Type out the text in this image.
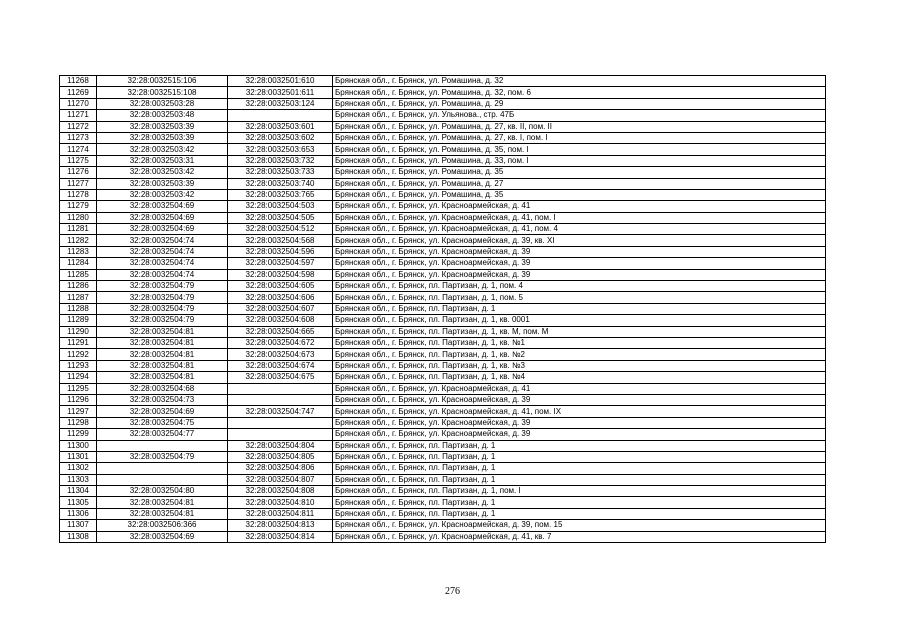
11268	32:28:0032515:106	32:28:0032501:610	Брянская обл., г. Брянск, ул. Ромашина, д. 32
11269	32:28:0032515:108	32:28:0032501:611	Брянская обл., г. Брянск, ул. Ромашина, д. 32, пом. 6
11270	32:28:0032503:28	32:28:0032503:124	Брянская обл., г. Брянск, ул. Ромашина, д. 29
11271	32:28:0032503:48		Брянская обл., г. Брянск, ул. Ульянова., стр. 47Б
11272	32:28:0032503:39	32:28:0032503:601	Брянская обл., г. Брянск, ул. Ромашина, д. 27, кв. II, пом. II
11273	32:28:0032503:39	32:28:0032503:602	Брянская обл., г. Брянск, ул. Ромашина, д. 27, кв. I, пом. I
11274	32:28:0032503:42	32:28:0032503:653	Брянская обл., г. Брянск, ул. Ромашина, д. 35, пом. I
11275	32:28:0032503:31	32:28:0032503:732	Брянская обл., г. Брянск, ул. Ромашина, д. 33, пом. I
11276	32:28:0032503:42	32:28:0032503:733	Брянская обл., г. Брянск, ул. Ромашина, д. 35
11277	32:28:0032503:39	32:28:0032503:740	Брянская обл., г. Брянск, ул. Ромашина, д. 27
11278	32:28:0032503:42	32:28:0032503:765	Брянская обл., г. Брянск, ул. Ромашина, д. 35
11279	32:28:0032504:69	32:28:0032504:503	Брянская обл., г. Брянск, ул. Красноармейская, д. 41
11280	32:28:0032504:69	32:28:0032504:505	Брянская обл., г. Брянск, ул. Красноармейская, д. 41, пом. I
11281	32:28:0032504:69	32:28:0032504:512	Брянская обл., г. Брянск, ул. Красноармейская, д. 41, пом. 4
11282	32:28:0032504:74	32:28:0032504:568	Брянская обл., г. Брянск, ул. Красноармейская, д. 39, кв. XI
11283	32:28:0032504:74	32:28:0032504:596	Брянская обл., г. Брянск, ул. Красноармейская, д. 39
11284	32:28:0032504:74	32:28:0032504:597	Брянская обл., г. Брянск, ул. Красноармейская, д. 39
11285	32:28:0032504:74	32:28:0032504:598	Брянская обл., г. Брянск, ул. Красноармейская, д. 39
11286	32:28:0032504:79	32:28:0032504:605	Брянская обл., г. Брянск, пл. Партизан, д. 1, пом. 4
11287	32:28:0032504:79	32:28:0032504:606	Брянская обл., г. Брянск, пл. Партизан, д. 1, пом. 5
11288	32:28:0032504:79	32:28:0032504:607	Брянская обл., г. Брянск, пл. Партизан, д. 1
11289	32:28:0032504:79	32:28:0032504:608	Брянская обл., г. Брянск, пл. Партизан, д. 1, кв. 0001
11290	32:28:0032504:81	32:28:0032504:665	Брянская обл., г. Брянск, пл. Партизан, д. 1, кв. М, пом. М
11291	32:28:0032504:81	32:28:0032504:672	Брянская обл., г. Брянск, пл. Партизан, д. 1, кв. №1
11292	32:28:0032504:81	32:28:0032504:673	Брянская обл., г. Брянск, пл. Партизан, д. 1, кв. №2
11293	32:28:0032504:81	32:28:0032504:674	Брянская обл., г. Брянск, пл. Партизан, д. 1, кв. №3
11294	32:28:0032504:81	32:28:0032504:675	Брянская обл., г. Брянск, пл. Партизан, д. 1, кв. №4
11295	32:28:0032504:68		Брянская обл., г. Брянск, ул. Красноармейская, д. 41
11296	32:28:0032504:73		Брянская обл., г. Брянск, ул. Красноармейская, д. 39
11297	32:28:0032504:69	32:28:0032504:747	Брянская обл., г. Брянск, ул. Красноармейская, д. 41, пом. IX
11298	32:28:0032504:75		Брянская обл., г. Брянск, ул. Красноармейская, д. 39
11299	32:28:0032504:77		Брянская обл., г. Брянск, ул. Красноармейская, д. 39
11300		32:28:0032504:804	Брянская обл., г. Брянск, пл. Партизан, д. 1
11301	32:28:0032504:79	32:28:0032504:805	Брянская обл., г. Брянск, пл. Партизан, д. 1
11302		32:28:0032504:806	Брянская обл., г. Брянск, пл. Партизан, д. 1
11303		32:28:0032504:807	Брянская обл., г. Брянск, пл. Партизан, д. 1
11304	32:28:0032504:80	32:28:0032504:808	Брянская обл., г. Брянск, пл. Партизан, д. 1, пом. I
11305	32:28:0032504:81	32:28:0032504:810	Брянская обл., г. Брянск, пл. Партизан, д. 1
11306	32:28:0032504:81	32:28:0032504:811	Брянская обл., г. Брянск, пл. Партизан, д. 1
11307	32:28:0032506:366	32:28:0032504:813	Брянская обл., г. Брянск, ул. Красноармейская, д. 39, пом. 15
11308	32:28:0032504:69	32:28:0032504:814	Брянская обл., г. Брянск, ул. Красноармейская, д. 41, кв. 7
276
